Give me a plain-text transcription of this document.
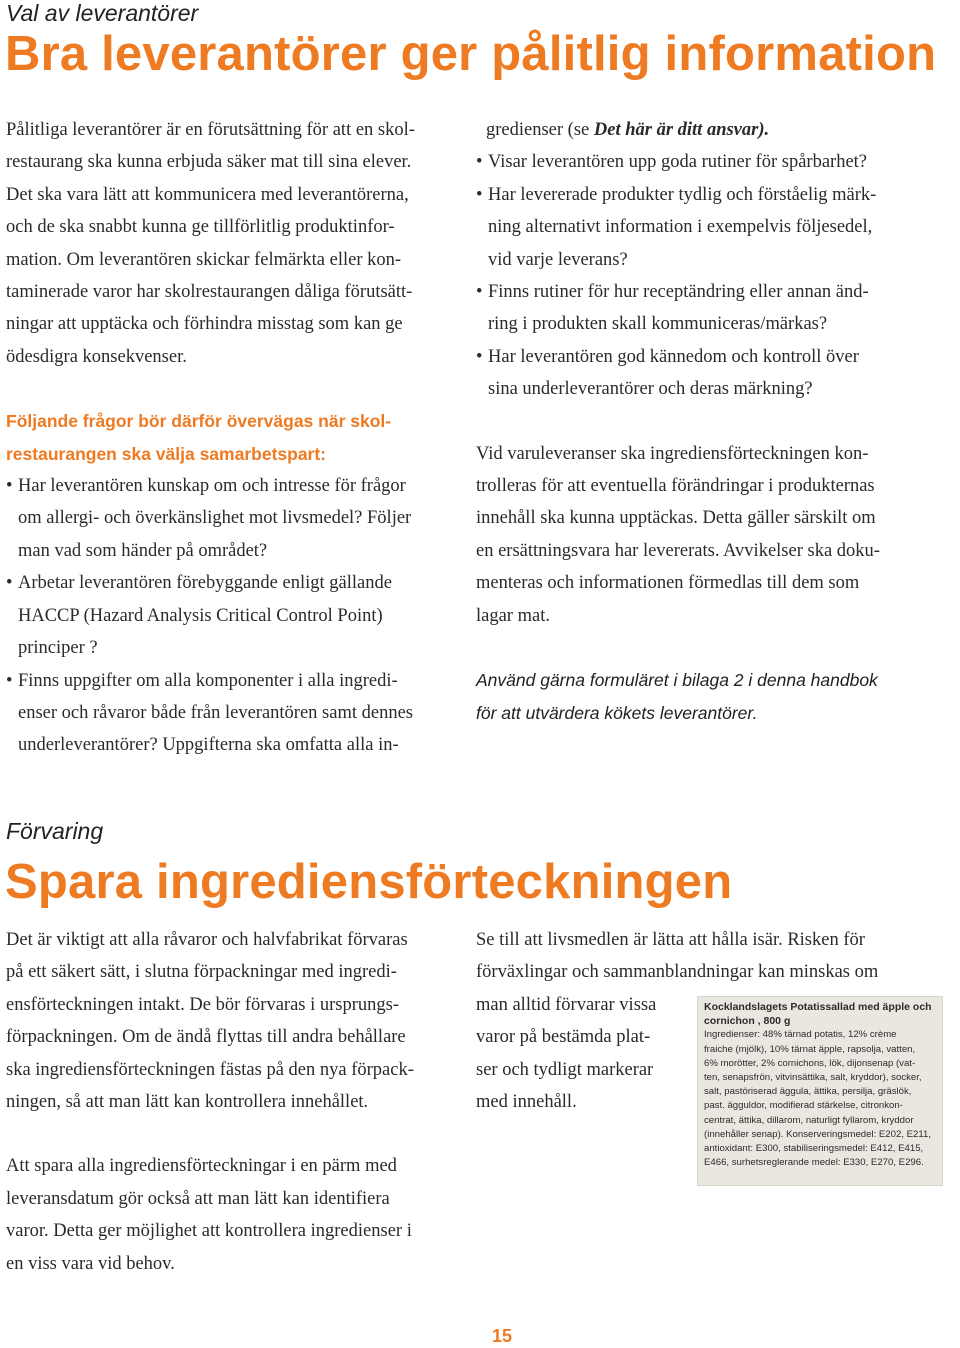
Val av leverantörer
Bra leverantörer ger pålitlig information

Pålitliga leverantörer är en förutsättning för att en skol-

restaurang ska kunna erbjuda säker mat till sina elever.

Det ska vara lätt att kommunicera med leverantörerna,

och de ska snabbt kunna ge tillförlitlig produktinfor-

mation. Om leverantören skickar felmärkta eller kon-

taminerade varor har skolrestaurangen dåliga förutsätt-

ningar att upptäcka och förhindra misstag som kan ge

ödesdigra konsekvenser.

Följande frågor bör därför övervägas när skol-

restaurangen ska välja samarbetspart:

• Har leverantören kunskap om och intresse för frågor

om allergi- och överkänslighet mot livsmedel? Följer

man vad som händer på området?

• Arbetar leverantören förebyggande enligt gällande

HACCP (Hazard Analysis Critical Control Point)

principer ?

• Finns uppgifter om alla komponenter i alla ingredi-

enser och råvaror både från leverantören samt dennes

underleverantörer? Uppgifterna ska omfatta alla in-

gredienser (se Det här är ditt ansvar).

• Visar leverantören upp goda rutiner för spårbarhet?

• Har levererade produkter tydlig och förståelig märk-

ning alternativt information i exempelvis följesedel,

vid varje leverans?

• Finns rutiner för hur receptändring eller annan änd-

ring i produkten skall kommuniceras/märkas?

• Har leverantören god kännedom och kontroll över

sina underleverantörer och deras märkning?

Vid varuleveranser ska ingrediensförteckningen kon-

trolleras för att eventuella förändringar i produkternas

innehåll ska kunna upptäckas. Detta gäller särskilt om

en ersättningsvara har levererats. Avvikelser ska doku-

menteras och informationen förmedlas till dem som

lagar mat.

Använd gärna formuläret i bilaga 2 i denna handbok

för att utvärdera kökets leverantörer.

Förvaring
Spara ingrediensförteckningen

Det är viktigt att alla råvaror och halvfabrikat förvaras

på ett säkert sätt, i slutna förpackningar med ingredi-

ensförteckningen intakt. De bör förvaras i ursprungs-

förpackningen. Om de ändå flyttas till andra behållare

ska ingrediensförteckningen fästas på den nya förpack-

ningen, så att man lätt kan kontrollera innehållet.

Att spara alla ingrediensförteckningar i en pärm med

leveransdatum gör också att man lätt kan identifiera

varor. Detta ger möjlighet att kontrollera ingredienser i

en viss vara vid behov.

Se till att livsmedlen är lätta att hålla isär. Risken för

förväxlingar och sammanblandningar kan minskas om

man alltid förvarar vissa

varor på bestämda plat-

ser och tydligt markerar

med innehåll.

Kocklandslagets Potatissallad med äpple och

cornichon , 800 g

Ingredienser: 48% tärnad potatis, 12% crème

fraiche (mjölk), 10% tärnat äpple, rapsolja, vatten,

6% morötter, 2% cornichons, lök, dijonsenap (vat-

ten, senapsfrön, vitvinsättika, salt, kryddor), socker,

salt, pastöriserad äggula, ättika, persilja, gräslök,

past. ägguldor, modifierad stärkelse, citronkon-

centrat, ättika, dillarom, naturligt fyllarom, kryddor

(innehåller senap). Konserveringsmedel: E202, E211,

antioxidant: E300, stabiliseringsmedel: E412, E415,

E466, surhetsreglerande medel: E330, E270, E296.

15
